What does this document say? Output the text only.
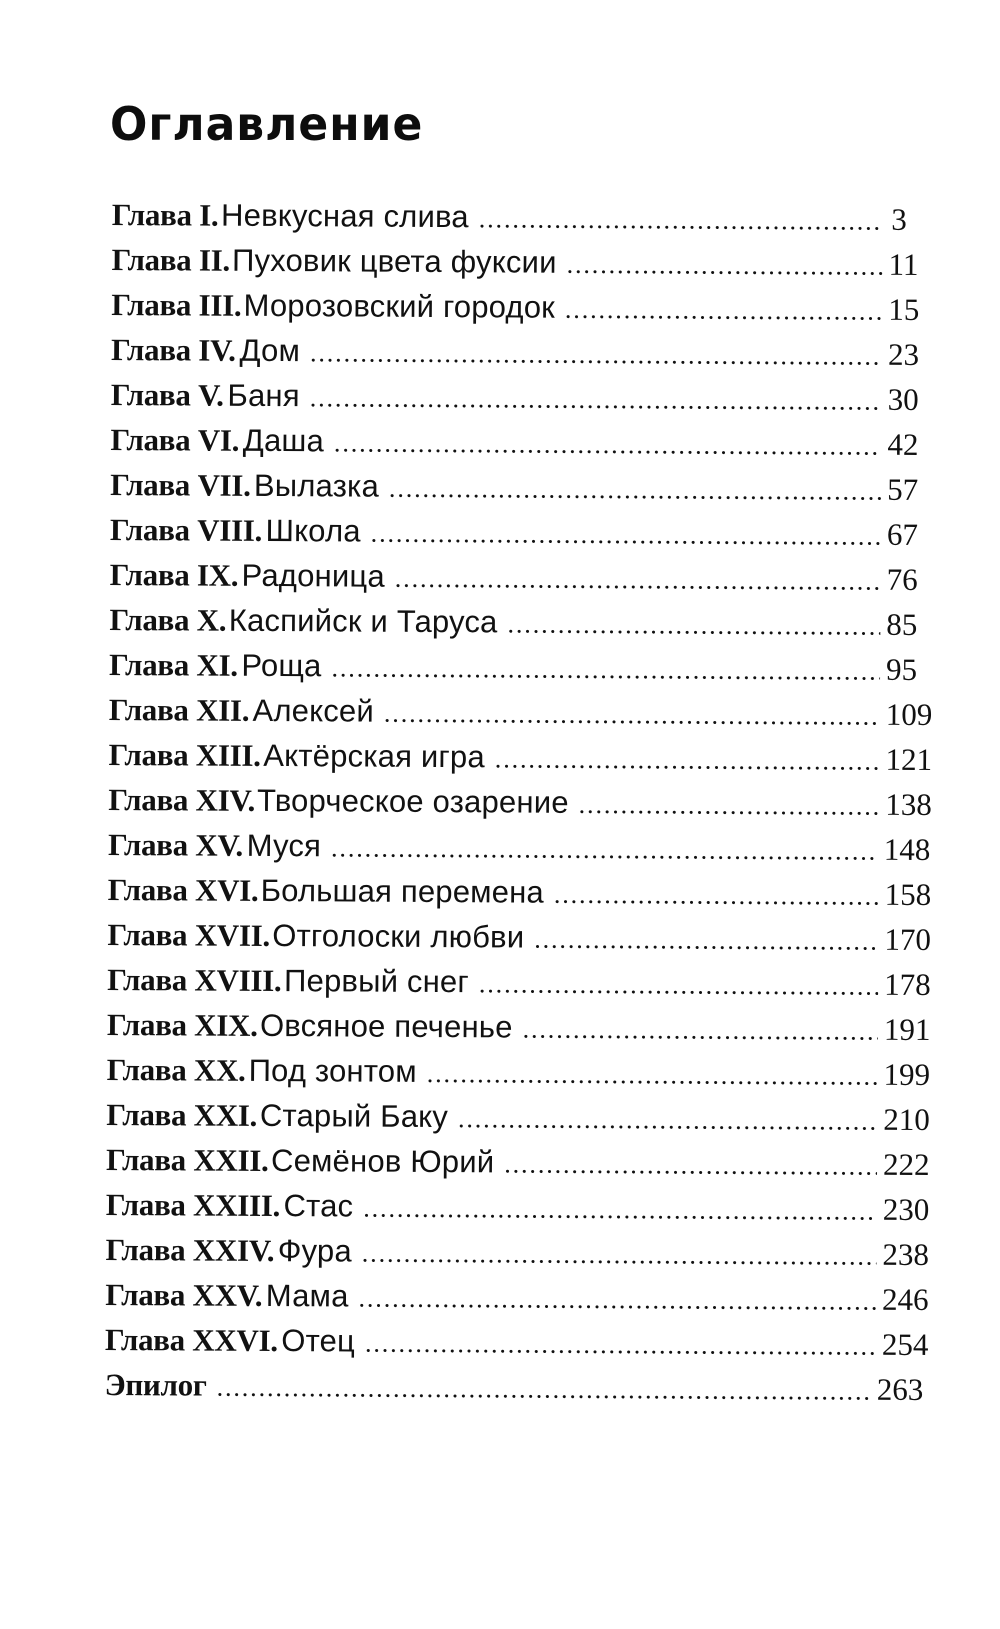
Оглавление
Глава I. Невкусная слива .....	3
Глава II. Пуховик цвета фуксии .....	11
Глава III. Морозовский городок .....	15
Глава IV. Дом .....	23
Глава V. Баня .....	30
Глава VI. Даша .....	42
Глава VII. Вылазка .....	57
Глава VIII. Школа .....	67
Глава IX. Радоница .....	76
Глава X. Каспийск и Таруса .....	85
Глава XI. Роща .....	95
Глава XII. Алексей .....	109
Глава XIII. Актёрская игра .....	121
Глава XIV. Творческое озарение .....	138
Глава XV. Муся .....	148
Глава XVI. Большая перемена .....	158
Глава XVII. Отголоски любви .....	170
Глава XVIII. Первый снег .....	178
Глава XIX. Овсяное печенье .....	191
Глава XX. Под зонтом .....	199
Глава XXI. Старый Баку .....	210
Глава XXII. Семёнов Юрий .....	222
Глава XXIII. Стас .....	230
Глава XXIV. Фура .....	238
Глава XXV. Мама .....	246
Глава XXVI. Отец .....	254
Эпилог .....	263
